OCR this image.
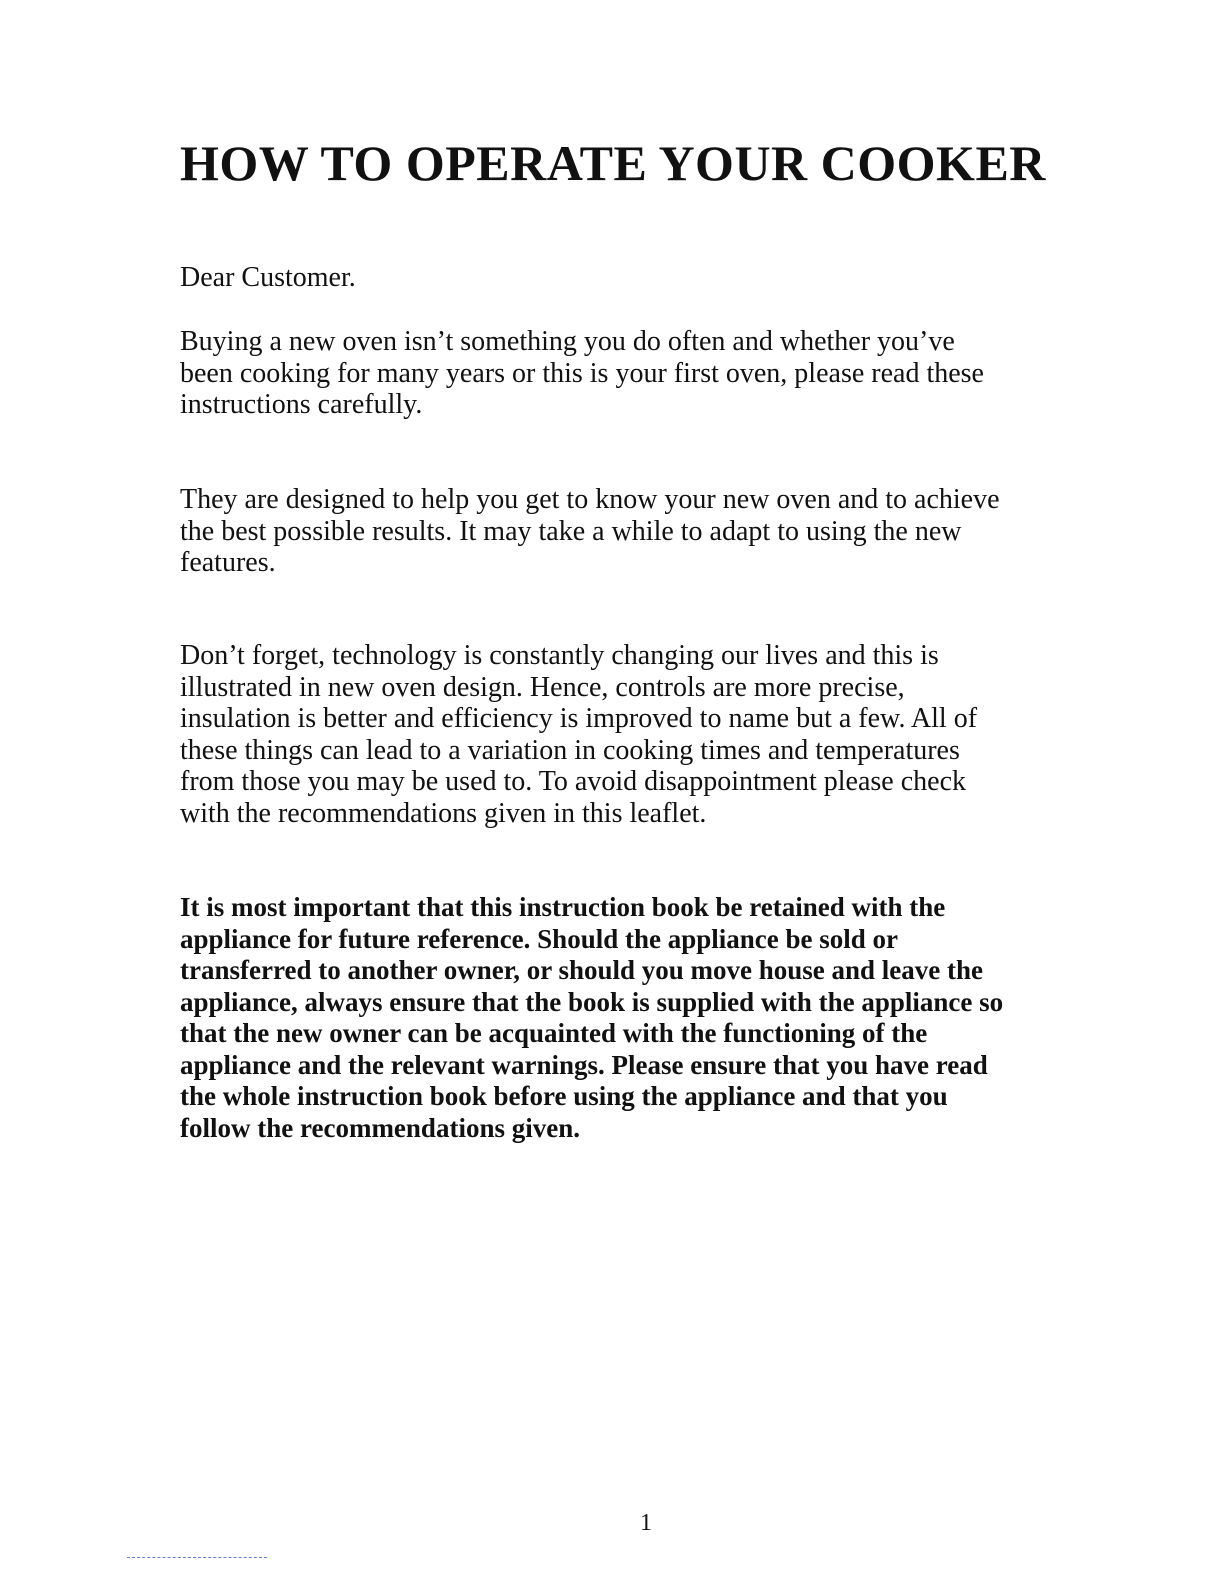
HOW TO OPERATE YOUR COOKER

Dear Customer.

Buying a new oven isn’t something you do often and whether you’ve
been cooking for many years or this is your first oven, please read these
instructions carefully.

They are designed to help you get to know your new oven and to achieve
the best possible results. It may take a while to adapt to using the new
features.

Don’t forget, technology is constantly changing our lives and this is
illustrated in new oven design. Hence, controls are more precise,
insulation is better and efficiency is improved to name but a few. All of
these things can lead to a variation in cooking times and temperatures
from those you may be used to. To avoid disappointment please check
with the recommendations given in this leaflet.

It is most important that this instruction book be retained with the
appliance for future reference. Should the appliance be sold or
transferred to another owner, or should you move house and leave the
appliance, always ensure that the book is supplied with the appliance so
that the new owner can be acquainted with the functioning of the
appliance and the relevant warnings. Please ensure that you have read
the whole instruction book before using the appliance and that you
follow the recommendations given.

1
